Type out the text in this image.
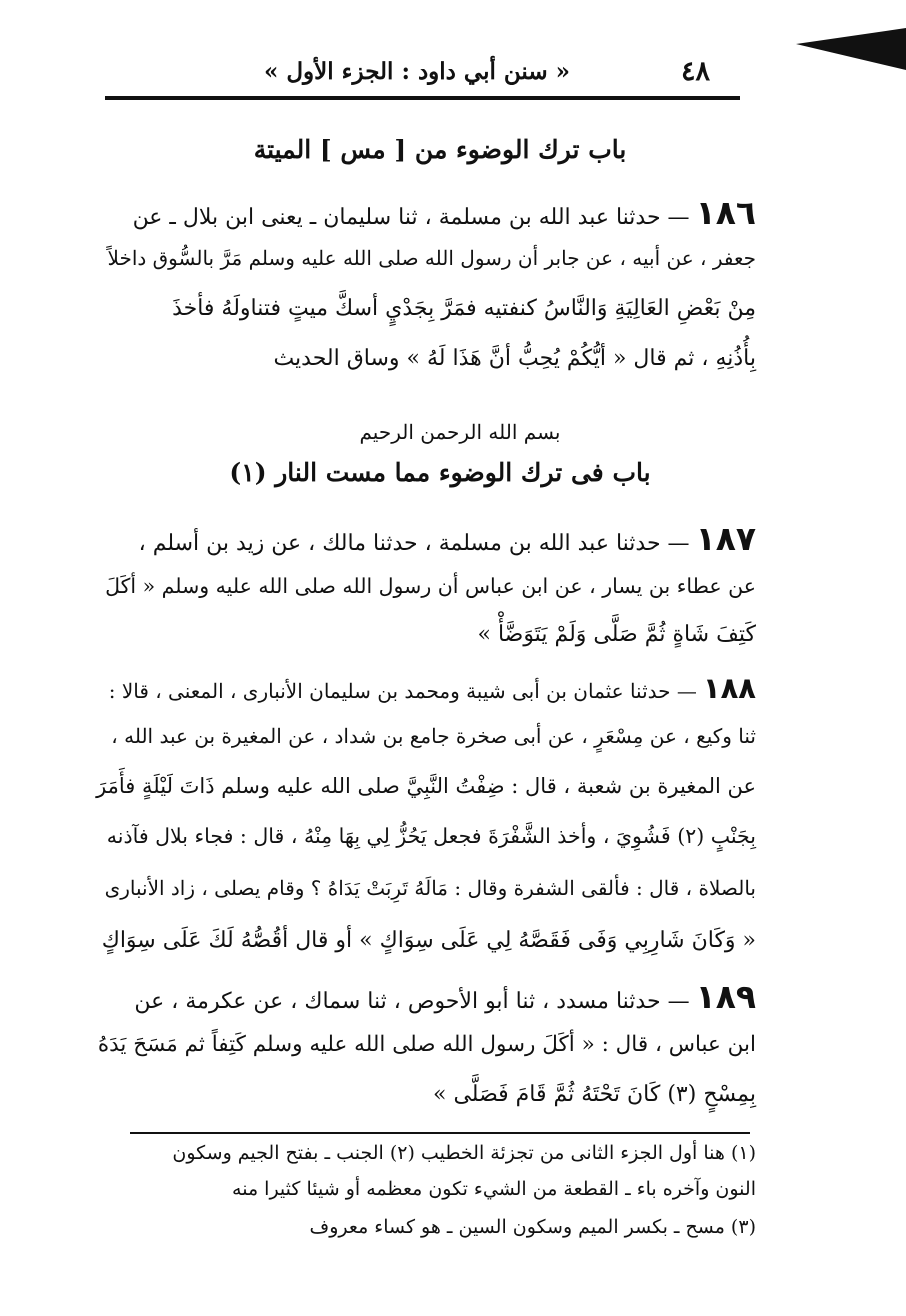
٤٨
« سنن أبي داود : الجزء الأول »
باب ترك الوضوء من [ مس ] الميتة
١٨٦— حدثنا عبد الله بن مسلمة ، ثنا سليمان ـ يعنى ابن بلال ـ عن
جعفر ، عن أبيه ، عن جابر أن رسول الله صلى الله عليه وسلم مَرَّ بالسُّوق داخلاً
مِنْ بَعْضِ العَالِيَةِ وَالنَّاسُ كنفتيه فمَرَّ بِجَدْيٍ أسكَّ ميتٍ فتناولَهُ فأخذَ
بِأُذُنِهِ ، ثم قال « أيُّكُمْ يُحِبُّ أنَّ هَذَا لَهُ » وساق الحديث
بسم الله الرحمن الرحيم
باب فى ترك الوضوء مما مست النار (١)
١٨٧— حدثنا عبد الله بن مسلمة ، حدثنا مالك ، عن زيد بن أسلم ،
عن عطاء بن يسار ، عن ابن عباس أن رسول الله صلى الله عليه وسلم « أكَلَ
كَتِفَ شَاةٍ ثُمَّ صَلَّى وَلَمْ يَتَوَضَّأْ »
١٨٨— حدثنا عثمان بن أبى شيبة ومحمد بن سليمان الأنبارى ، المعنى ، قالا :
ثنا وكيع ، عن مِسْعَرٍ ، عن أبى صخرة جامع بن شداد ، عن المغيرة بن عبد الله ،
عن المغيرة بن شعبة ، قال : ضِفْتُ النَّبِيَّ صلى الله عليه وسلم ذَاتَ لَيْلَةٍ فأَمَرَ
بِجَنْبٍ (٢) فَشُوِيَ ، وأخذ الشَّفْرَةَ فجعل يَحُزُّ لِي بِهَا مِنْهُ ، قال : فجاء بلال فآذنه
بالصلاة ، قال : فألقى الشفرة وقال : مَالَهُ تَرِبَتْ يَدَاهُ ؟ وقام يصلى ، زاد الأنبارى
« وَكَانَ شَارِبِي وَفَى فَقَصَّهُ لِي عَلَى سِوَاكٍ » أو قال أقُصُّهُ لَكَ عَلَى سِوَاكٍ
١٨٩— حدثنا مسدد ، ثنا أبو الأحوص ، ثنا سماك ، عن عكرمة ، عن
ابن عباس ، قال : « أكَلَ رسول الله صلى الله عليه وسلم كَتِفاً ثم مَسَحَ يَدَهُ
بِمِسْحٍ (٣) كَانَ تَحْتَهُ ثُمَّ قَامَ فَصَلَّى »
(١) هنا أول الجزء الثانى من تجزئة الخطيب (٢) الجنب ـ بفتح الجيم وسكون
النون وآخره باء ـ القطعة من الشيء تكون معظمه أو شيئا كثيرا منه
(٣) مسح ـ بكسر الميم وسكون السين ـ هو كساء معروف
